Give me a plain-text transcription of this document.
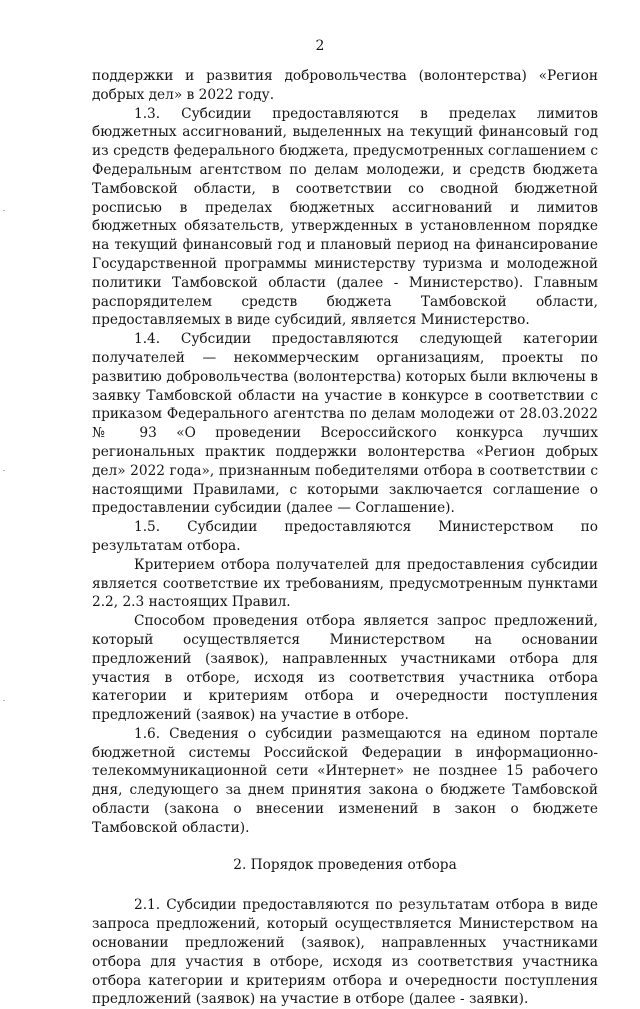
2

поддержки и развития добровольчества (волонтерства) «Регион добрых дел» в 2022 году.

1.3. Субсидии предоставляются в пределах лимитов бюджетных ассигнований, выделенных на текущий финансовый год из средств федерального бюджета, предусмотренных соглашением с Федеральным агентством по делам молодежи, и средств бюджета Тамбовской области, в соответствии со сводной бюджетной росписью в пределах бюджетных ассигнований и лимитов бюджетных обязательств, утвержденных в установленном порядке на текущий финансовый год и плановый период на финансирование Государственной программы министерству туризма и молодежной политики Тамбовской области (далее - Министерство). Главным распорядителем средств бюджета Тамбовской области, предоставляемых в виде субсидий, является Министерство.

1.4. Субсидии предоставляются следующей категории получателей — некоммерческим организациям, проекты по развитию добровольчества (волонтерства) которых были включены в заявку Тамбовской области на участие в конкурсе в соответствии с приказом Федерального агентства по делам молодежи от 28.03.2022 № 93 «О проведении Всероссийского конкурса лучших региональных практик поддержки волонтерства «Регион добрых дел» 2022 года», признанным победителями отбора в соответствии с настоящими Правилами, с которыми заключается соглашение о предоставлении субсидии (далее — Соглашение).

1.5. Субсидии предоставляются Министерством по результатам отбора.

Критерием отбора получателей для предоставления субсидии является соответствие их требованиям, предусмотренным пунктами 2.2, 2.3 настоящих Правил.

Способом проведения отбора является запрос предложений, который осуществляется Министерством на основании предложений (заявок), направленных участниками отбора для участия в отборе, исходя из соответствия участника отбора категории и критериям отбора и очередности поступления предложений (заявок) на участие в отборе.

1.6. Сведения о субсидии размещаются на едином портале бюджетной системы Российской Федерации в информационно-телекоммуникационной сети «Интернет» не позднее 15 рабочего дня, следующего за днем принятия закона о бюджете Тамбовской области (закона о внесении изменений в закон о бюджете Тамбовской области).

2. Порядок проведения отбора

2.1. Субсидии предоставляются по результатам отбора в виде запроса предложений, который осуществляется Министерством на основании предложений (заявок), направленных участниками отбора для участия в отборе, исходя из соответствия участника отбора категории и критериям отбора и очередности поступления предложений (заявок) на участие в отборе (далее - заявки).
